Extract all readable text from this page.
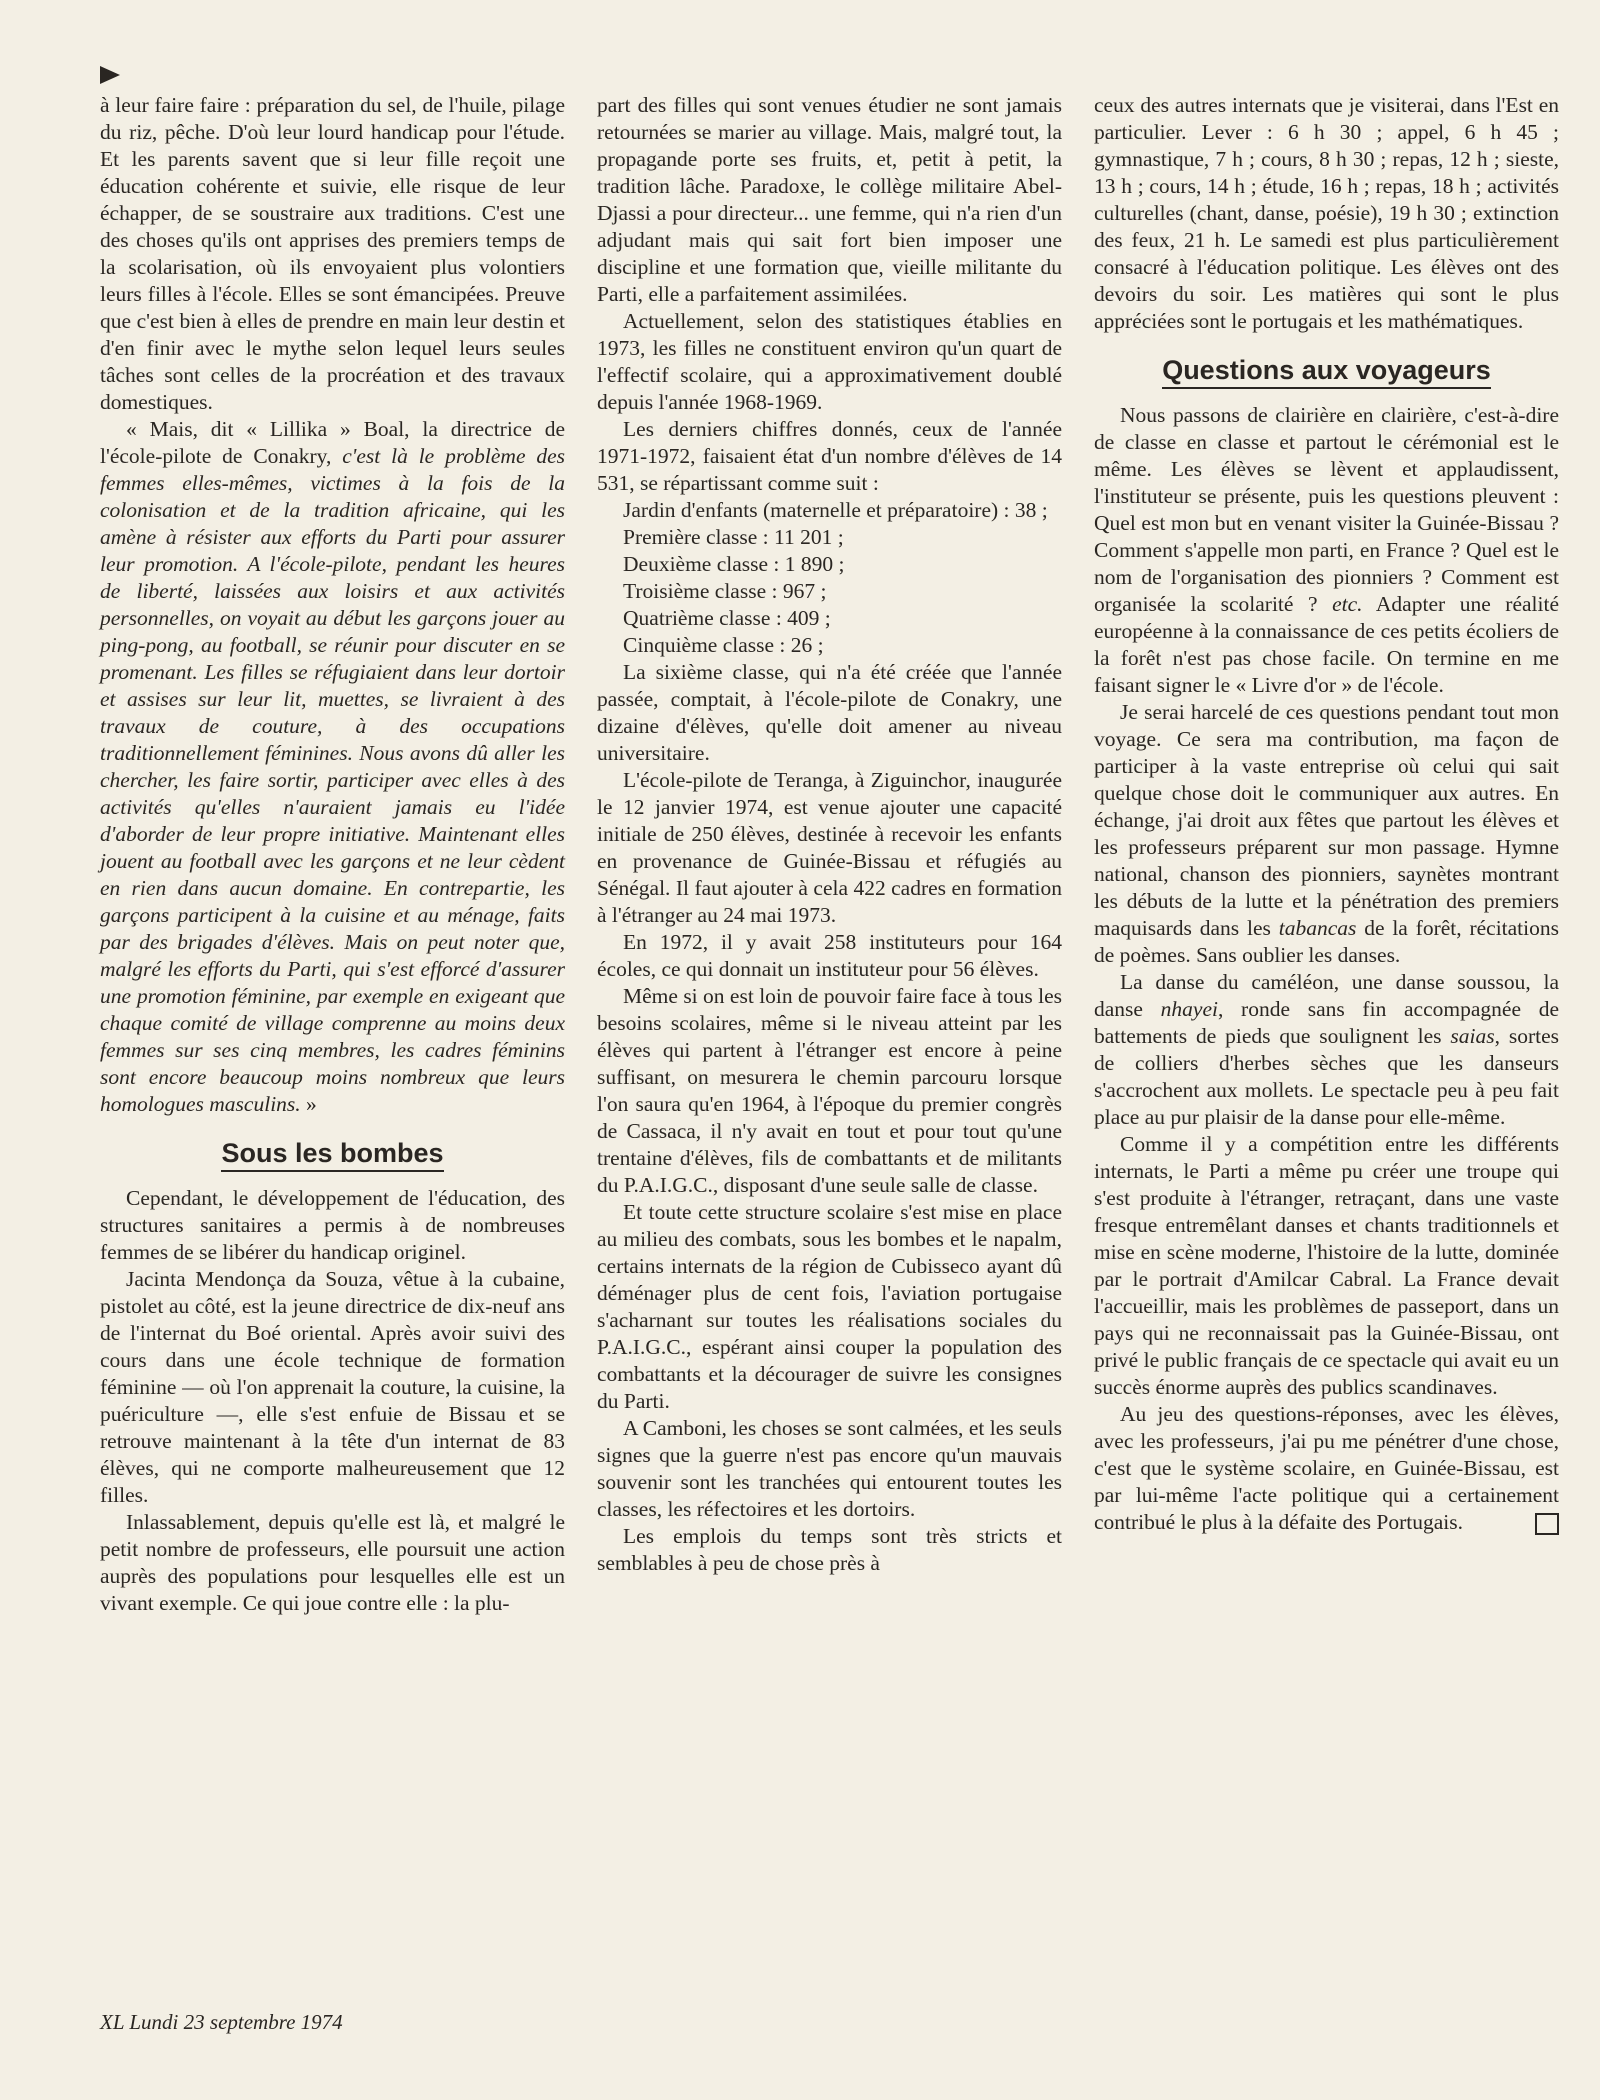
à leur faire faire : préparation du sel, de l'huile, pilage du riz, pêche. D'où leur lourd handicap pour l'étude. Et les parents savent que si leur fille reçoit une éducation cohérente et suivie, elle risque de leur échapper, de se soustraire aux traditions. C'est une des choses qu'ils ont apprises des premiers temps de la scolarisation, où ils envoyaient plus volontiers leurs filles à l'école. Elles se sont émancipées. Preuve que c'est bien à elles de prendre en main leur destin et d'en finir avec le mythe selon lequel leurs seules tâches sont celles de la procréation et des travaux domestiques.

« Mais, dit « Lillika » Boal, la directrice de l'école-pilote de Conakry, c'est là le problème des femmes elles-mêmes, victimes à la fois de la colonisation et de la tradition africaine, qui les amène à résister aux efforts du Parti pour assurer leur promotion. A l'école-pilote, pendant les heures de liberté, laissées aux loisirs et aux activités personnelles, on voyait au début les garçons jouer au ping-pong, au football, se réunir pour discuter en se promenant. Les filles se réfugiaient dans leur dortoir et assises sur leur lit, muettes, se livraient à des travaux de couture, à des occupations traditionnellement féminines. Nous avons dû aller les chercher, les faire sortir, participer avec elles à des activités qu'elles n'auraient jamais eu l'idée d'aborder de leur propre initiative. Maintenant elles jouent au football avec les garçons et ne leur cèdent en rien dans aucun domaine. En contrepartie, les garçons participent à la cuisine et au ménage, faits par des brigades d'élèves. Mais on peut noter que, malgré les efforts du Parti, qui s'est efforcé d'assurer une promotion féminine, par exemple en exigeant que chaque comité de village comprenne au moins deux femmes sur ses cinq membres, les cadres féminins sont encore beaucoup moins nombreux que leurs homologues masculins. »

Sous les bombes

Cependant, le développement de l'éducation, des structures sanitaires a permis à de nombreuses femmes de se libérer du handicap originel.

Jacinta Mendonça da Souza, vêtue à la cubaine, pistolet au côté, est la jeune directrice de dix-neuf ans de l'internat du Boé oriental. Après avoir suivi des cours dans une école technique de formation féminine — où l'on apprenait la couture, la cuisine, la puériculture —, elle s'est enfuie de Bissau et se retrouve maintenant à la tête d'un internat de 83 élèves, qui ne comporte malheureusement que 12 filles.

Inlassablement, depuis qu'elle est là, et malgré le petit nombre de professeurs, elle poursuit une action auprès des populations pour lesquelles elle est un vivant exemple. Ce qui joue contre elle : la plu-

part des filles qui sont venues étudier ne sont jamais retournées se marier au village. Mais, malgré tout, la propagande porte ses fruits, et, petit à petit, la tradition lâche. Paradoxe, le collège militaire Abel-Djassi a pour directeur... une femme, qui n'a rien d'un adjudant mais qui sait fort bien imposer une discipline et une formation que, vieille militante du Parti, elle a parfaitement assimilées.

Actuellement, selon des statistiques établies en 1973, les filles ne constituent environ qu'un quart de l'effectif scolaire, qui a approximativement doublé depuis l'année 1968-1969.

Les derniers chiffres donnés, ceux de l'année 1971-1972, faisaient état d'un nombre d'élèves de 14 531, se répartissant comme suit :

Jardin d'enfants (maternelle et préparatoire) : 38 ;

Première classe : 11 201 ;

Deuxième classe : 1 890 ;

Troisième classe : 967 ;

Quatrième classe : 409 ;

Cinquième classe : 26 ;

La sixième classe, qui n'a été créée que l'année passée, comptait, à l'école-pilote de Conakry, une dizaine d'élèves, qu'elle doit amener au niveau universitaire.

L'école-pilote de Teranga, à Ziguinchor, inaugurée le 12 janvier 1974, est venue ajouter une capacité initiale de 250 élèves, destinée à recevoir les enfants en provenance de Guinée-Bissau et réfugiés au Sénégal. Il faut ajouter à cela 422 cadres en formation à l'étranger au 24 mai 1973.

En 1972, il y avait 258 instituteurs pour 164 écoles, ce qui donnait un instituteur pour 56 élèves.

Même si on est loin de pouvoir faire face à tous les besoins scolaires, même si le niveau atteint par les élèves qui partent à l'étranger est encore à peine suffisant, on mesurera le chemin parcouru lorsque l'on saura qu'en 1964, à l'époque du premier congrès de Cassaca, il n'y avait en tout et pour tout qu'une trentaine d'élèves, fils de combattants et de militants du P.A.I.G.C., disposant d'une seule salle de classe.

Et toute cette structure scolaire s'est mise en place au milieu des combats, sous les bombes et le napalm, certains internats de la région de Cubisseco ayant dû déménager plus de cent fois, l'aviation portugaise s'acharnant sur toutes les réalisations sociales du P.A.I.G.C., espérant ainsi couper la population des combattants et la décourager de suivre les consignes du Parti.

A Camboni, les choses se sont calmées, et les seuls signes que la guerre n'est pas encore qu'un mauvais souvenir sont les tranchées qui entourent toutes les classes, les réfectoires et les dortoirs.

Les emplois du temps sont très stricts et semblables à peu de chose près à

ceux des autres internats que je visiterai, dans l'Est en particulier. Lever : 6 h 30 ; appel, 6 h 45 ; gymnastique, 7 h ; cours, 8 h 30 ; repas, 12 h ; sieste, 13 h ; cours, 14 h ; étude, 16 h ; repas, 18 h ; activités culturelles (chant, danse, poésie), 19 h 30 ; extinction des feux, 21 h. Le samedi est plus particulièrement consacré à l'éducation politique. Les élèves ont des devoirs du soir. Les matières qui sont le plus appréciées sont le portugais et les mathématiques.

Questions aux voyageurs

Nous passons de clairière en clairière, c'est-à-dire de classe en classe et partout le cérémonial est le même. Les élèves se lèvent et applaudissent, l'instituteur se présente, puis les questions pleuvent : Quel est mon but en venant visiter la Guinée-Bissau ? Comment s'appelle mon parti, en France ? Quel est le nom de l'organisation des pionniers ? Comment est organisée la scolarité ? etc. Adapter une réalité européenne à la connaissance de ces petits écoliers de la forêt n'est pas chose facile. On termine en me faisant signer le « Livre d'or » de l'école.

Je serai harcelé de ces questions pendant tout mon voyage. Ce sera ma contribution, ma façon de participer à la vaste entreprise où celui qui sait quelque chose doit le communiquer aux autres. En échange, j'ai droit aux fêtes que partout les élèves et les professeurs préparent sur mon passage. Hymne national, chanson des pionniers, saynètes montrant les débuts de la lutte et la pénétration des premiers maquisards dans les tabancas de la forêt, récitations de poèmes. Sans oublier les danses.

La danse du caméléon, une danse soussou, la danse nhayei, ronde sans fin accompagnée de battements de pieds que soulignent les saias, sortes de colliers d'herbes sèches que les danseurs s'accrochent aux mollets. Le spectacle peu à peu fait place au pur plaisir de la danse pour elle-même.

Comme il y a compétition entre les différents internats, le Parti a même pu créer une troupe qui s'est produite à l'étranger, retraçant, dans une vaste fresque entremêlant danses et chants traditionnels et mise en scène moderne, l'histoire de la lutte, dominée par le portrait d'Amilcar Cabral. La France devait l'accueillir, mais les problèmes de passeport, dans un pays qui ne reconnaissait pas la Guinée-Bissau, ont privé le public français de ce spectacle qui avait eu un succès énorme auprès des publics scandinaves.

Au jeu des questions-réponses, avec les élèves, avec les professeurs, j'ai pu me pénétrer d'une chose, c'est que le système scolaire, en Guinée-Bissau, est par lui-même l'acte politique qui a certainement contribué le plus à la défaite des Portugais.

XL Lundi 23 septembre 1974
